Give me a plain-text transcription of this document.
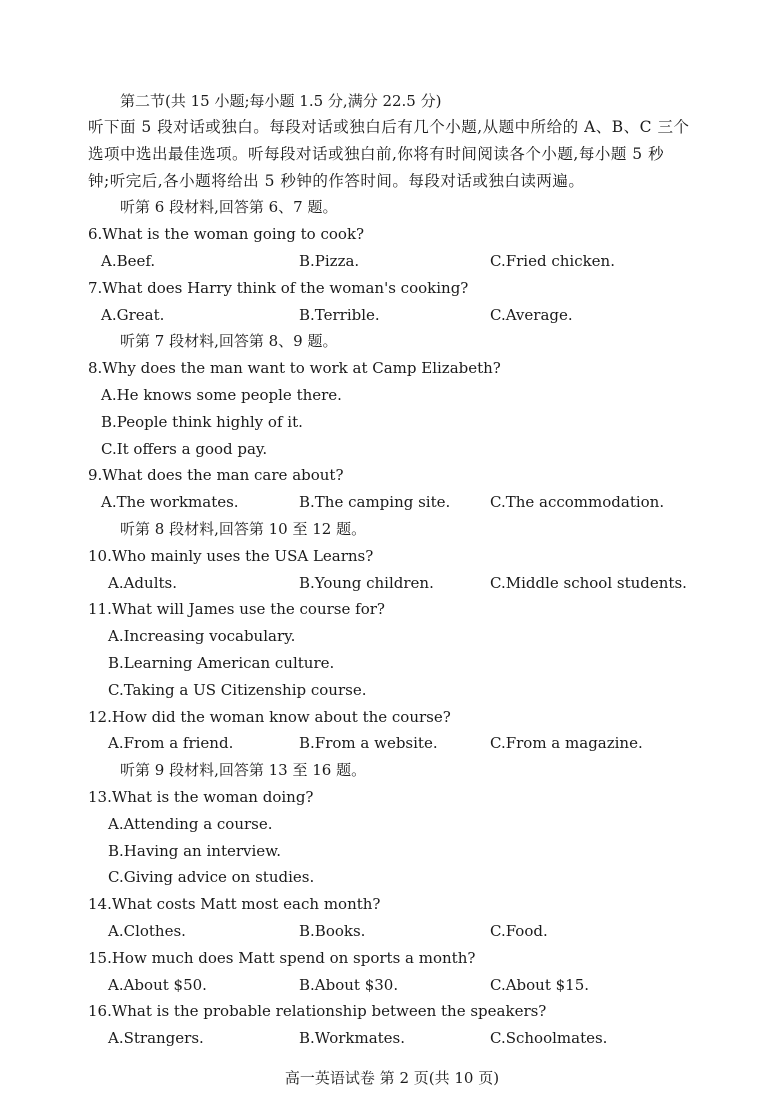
第二节(共 15 小题;每小题 1.5 分,满分 22.5 分)
听下面 5 段对话或独白。每段对话或独白后有几个小题,从题中所给的 A、B、C 三个
选项中选出最佳选项。听每段对话或独白前,你将有时间阅读各个小题,每小题 5 秒
钟;听完后,各小题将给出 5 秒钟的作答时间。每段对话或独白读两遍。
听第 6 段材料,回答第 6、7 题。
6.What is the woman going to cook?
A.Beef.	B.Pizza.	C.Fried chicken.
7.What does Harry think of the woman's cooking?
A.Great.	B.Terrible.	C.Average.
听第 7 段材料,回答第 8、9 题。
8.Why does the man want to work at Camp Elizabeth?
A.He knows some people there.
B.People think highly of it.
C.It offers a good pay.
9.What does the man care about?
A.The workmates.	B.The camping site.	C.The accommodation.
听第 8 段材料,回答第 10 至 12 题。
10.Who mainly uses the USA Learns?
A.Adults.	B.Young children.	C.Middle school students.
11.What will James use the course for?
A.Increasing vocabulary.
B.Learning American culture.
C.Taking a US Citizenship course.
12.How did the woman know about the course?
A.From a friend.	B.From a website.	C.From a magazine.
听第 9 段材料,回答第 13 至 16 题。
13.What is the woman doing?
A.Attending a course.
B.Having an interview.
C.Giving advice on studies.
14.What costs Matt most each month?
A.Clothes.	B.Books.	C.Food.
15.How much does Matt spend on sports a month?
A.About $50.	B.About $30.	C.About $15.
16.What is the probable relationship between the speakers?
A.Strangers.	B.Workmates.	C.Schoolmates.
高一英语试卷 第 2 页(共 10 页)
